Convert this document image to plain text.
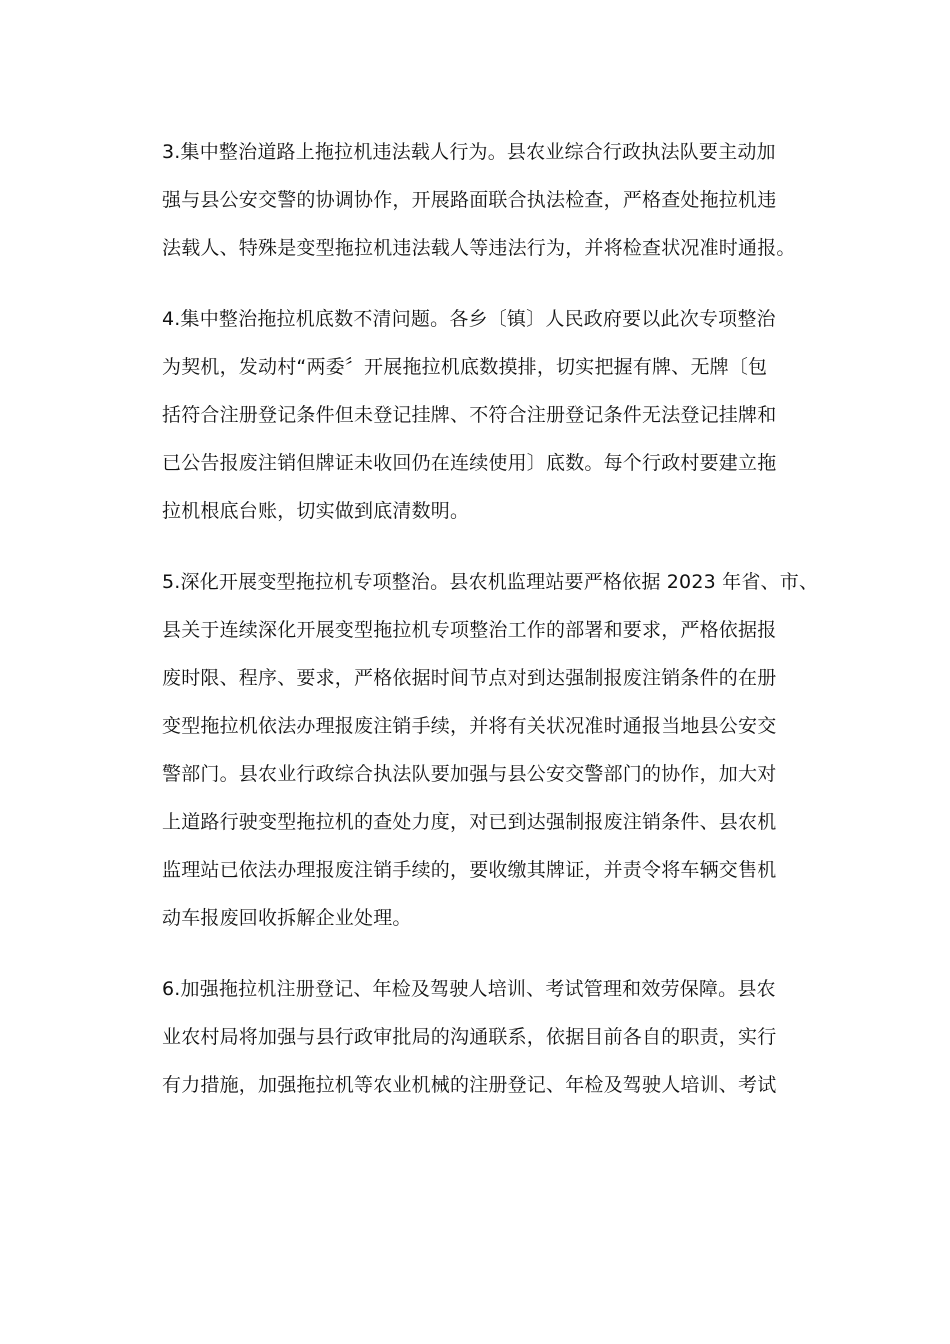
3.集中整治道路上拖拉机违法载人行为。县农业综合行政执法队要主动加
强与县公安交警的协调协作，开展路面联合执法检查，严格查处拖拉机违
法载人、特殊是变型拖拉机违法载人等违法行为，并将检查状况准时通报。

4.集中整治拖拉机底数不清问题。各乡〔镇〕人民政府要以此次专项整治
为契机，发动村“两委〞开展拖拉机底数摸排，切实把握有牌、无牌〔包
括符合注册登记条件但未登记挂牌、不符合注册登记条件无法登记挂牌和
已公告报废注销但牌证未收回仍在连续使用〕底数。每个行政村要建立拖
拉机根底台账，切实做到底清数明。

5.深化开展变型拖拉机专项整治。县农机监理站要严格依据 2023 年省、市、
县关于连续深化开展变型拖拉机专项整治工作的部署和要求，严格依据报
废时限、程序、要求，严格依据时间节点对到达强制报废注销条件的在册
变型拖拉机依法办理报废注销手续，并将有关状况准时通报当地县公安交
警部门。县农业行政综合执法队要加强与县公安交警部门的协作，加大对
上道路行驶变型拖拉机的查处力度，对已到达强制报废注销条件、县农机
监理站已依法办理报废注销手续的，要收缴其牌证，并责令将车辆交售机
动车报废回收拆解企业处理。

6.加强拖拉机注册登记、年检及驾驶人培训、考试管理和效劳保障。县农
业农村局将加强与县行政审批局的沟通联系，依据目前各自的职责，实行
有力措施，加强拖拉机等农业机械的注册登记、年检及驾驶人培训、考试
